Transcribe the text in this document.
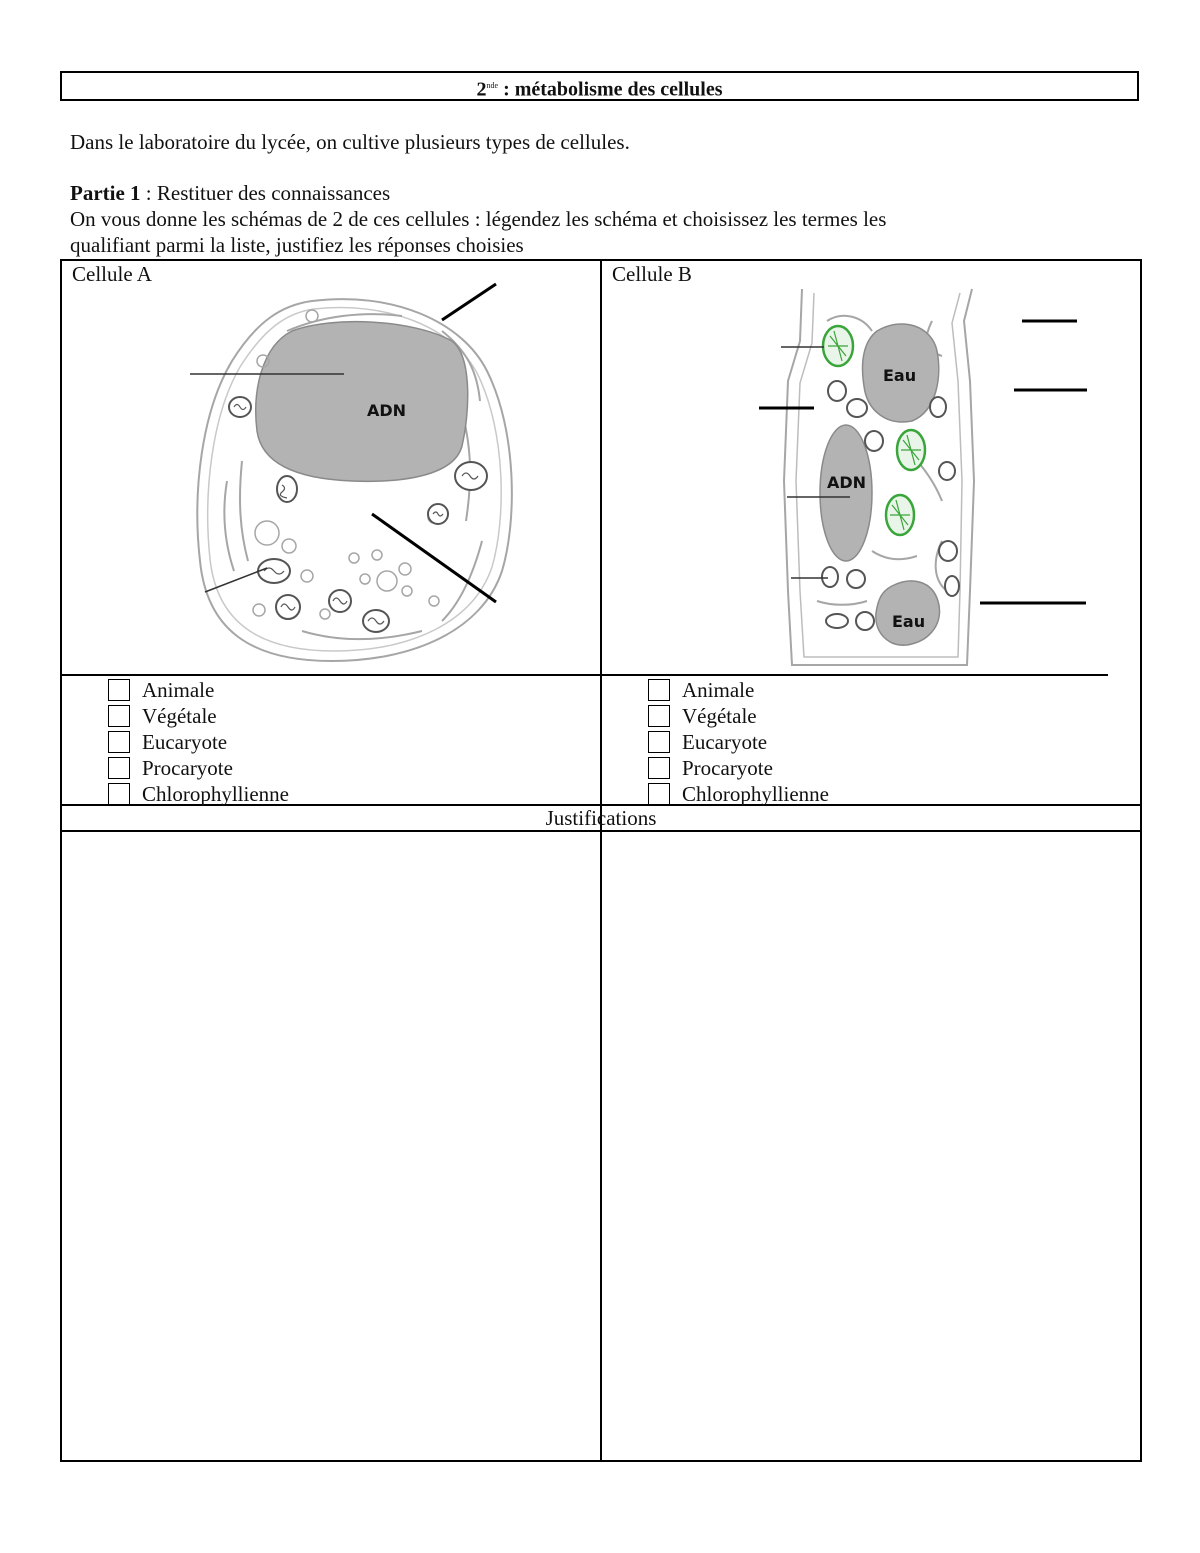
2nde : métabolisme des cellules
Dans le laboratoire du lycée, on cultive plusieurs types de cellules.
Partie 1 : Restituer des connaissances
On vous donne les schémas de 2 de ces cellules : légendez les schéma et choisissez les termes les
qualifiant parmi la liste, justifiez les réponses choisies
Cellule A	Cellule B
ADN
Eau
ADN
Eau
Animale
Végétale
Eucaryote
Procaryote
Chlorophyllienne
Animale
Végétale
Eucaryote
Procaryote
Chlorophyllienne
Justifications
